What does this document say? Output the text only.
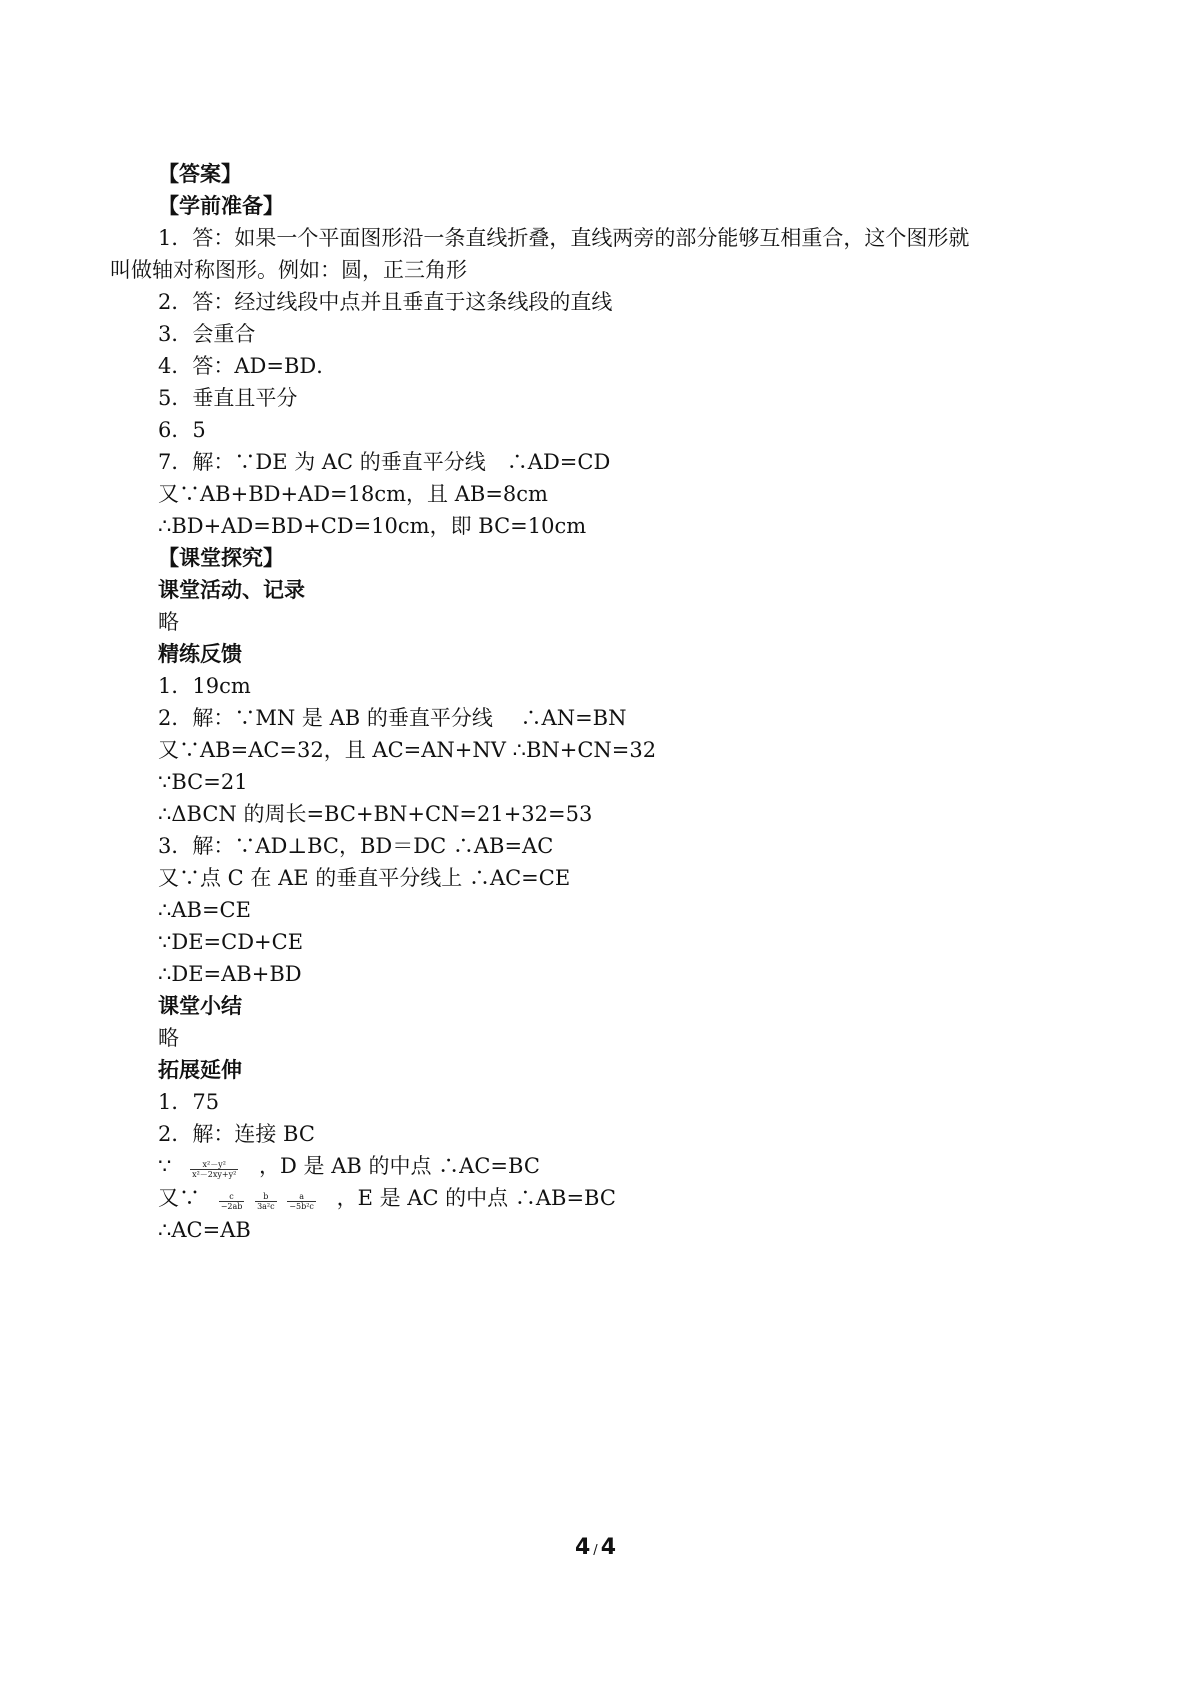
【答案】
【学前准备】
1．答：如果一个平面图形沿一条直线折叠，直线两旁的部分能够互相重合，这个图形就
叫做轴对称图形。例如：圆，正三角形
2．答：经过线段中点并且垂直于这条线段的直线
3．会重合
4．答：AD=BD．
5．垂直且平分
6．5
7．解：∵DE 为 AC 的垂直平分线　∴AD=CD
又∵AB+BD+AD=18cm，且 AB=8cm
∴BD+AD=BD+CD=10cm，即 BC=10cm
【课堂探究】
课堂活动、记录
略
精练反馈
1．19cm
2．解：∵MN 是 AB 的垂直平分线　 ∴AN=BN
又∵AB=AC=32，且 AC=AN+NV ∴BN+CN=32
∵BC=21
∴ΔBCN 的周长=BC+BN+CN=21+32=53
3．解：∵AD⊥BC，BD＝DC ∴AB=AC
又∵点 C 在 AE 的垂直平分线上 ∴AC=CE
∴AB=CE
∵DE=CD+CE
∴DE=AB+BD
课堂小结
略
拓展延伸
1．75
2．解：连接 BC
∵ $\frac{\text{x²－y²}}{\text{x²－2xy+y²}}$ ，D 是 AB 的中点 ∴AC=BC
又∵ $\frac{c}{-2ab}$
$\frac{b}{\text{3a²c}}$
$\frac{a}{\text{−5b²c}}$ ，E 是 AC 的中点 ∴AB=BC
∴AC=AB
4 / 4
